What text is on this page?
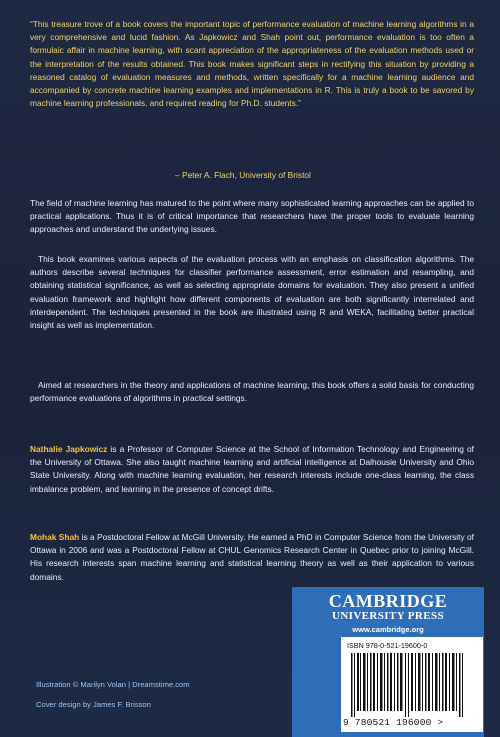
“This treasure trove of a book covers the important topic of performance evaluation of machine learning algorithms in a very comprehensive and lucid fashion. As Japkowicz and Shah point out, performance evaluation is too often a formulaic affair in machine learning, with scant appreciation of the appropriateness of the evaluation methods used or the interpretation of the results obtained. This book makes significant steps in rectifying this situation by providing a reasoned catalog of evaluation measures and methods, written specifically for a machine learning audience and accompanied by concrete machine learning examples and implementations in R. This is truly a book to be savored by machine learning professionals, and required reading for Ph.D. students.”
– Peter A. Flach, University of Bristol
The field of machine learning has matured to the point where many sophisticated learning approaches can be applied to practical applications. Thus it is of critical importance that researchers have the proper tools to evaluate learning approaches and understand the underlying issues.
This book examines various aspects of the evaluation process with an emphasis on classification algorithms. The authors describe several techniques for classifier performance assessment, error estimation and resampling, and obtaining statistical significance, as well as selecting appropriate domains for evaluation. They also present a unified evaluation framework and highlight how different components of evaluation are both significantly interrelated and interdependent. The techniques presented in the book are illustrated using R and WEKA, facilitating better practical insight as well as implementation.
Aimed at researchers in the theory and applications of machine learning, this book offers a solid basis for conducting performance evaluations of algorithms in practical settings.
Nathalie Japkowicz is a Professor of Computer Science at the School of Information Technology and Engineering of the University of Ottawa. She also taught machine learning and artificial intelligence at Dalhousie University and Ohio State University. Along with machine learning evaluation, her research interests include one-class learning, the class imbalance problem, and learning in the presence of concept drifts.
Mohak Shah is a Postdoctoral Fellow at McGill University. He earned a PhD in Computer Science from the University of Ottawa in 2006 and was a Postdoctoral Fellow at CHUL Genomics Research Center in Quebec prior to joining McGill. His research interests span machine learning and statistical learning theory as well as their application to various domains.
Illustration © Marilyn Volan | Dreamstime.com
Cover design by James F. Brisson
CAMBRIDGE
UNIVERSITY PRESS
www.cambridge.org
ISBN 978-0-521-19600-0
9 780521 196000 >
